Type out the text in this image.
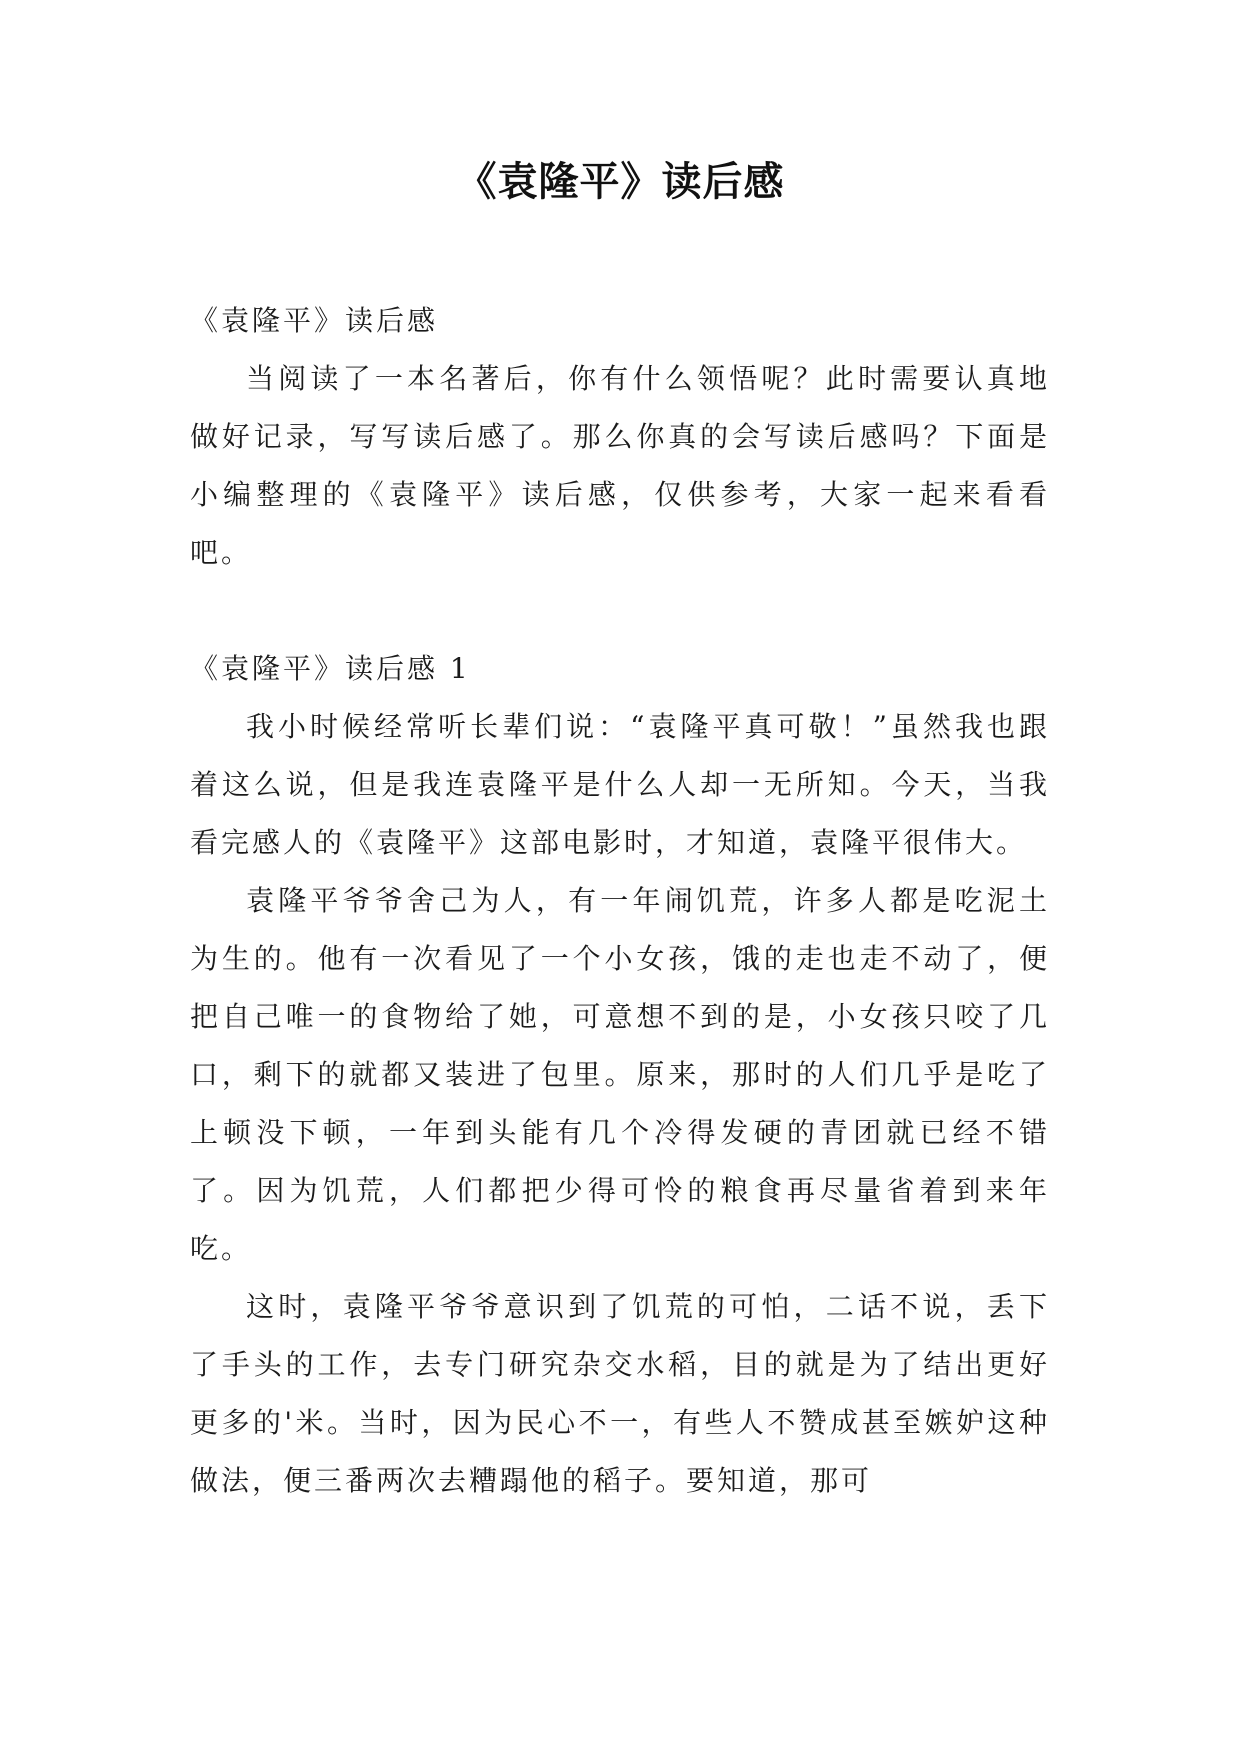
《袁隆平》读后感

《袁隆平》读后感

当阅读了一本名著后，你有什么领悟呢？此时需要认真地做好记录，写写读后感了。那么你真的会写读后感吗？下面是小编整理的《袁隆平》读后感，仅供参考，大家一起来看看吧。

《袁隆平》读后感 1

我小时候经常听长辈们说：“袁隆平真可敬！”虽然我也跟着这么说，但是我连袁隆平是什么人却一无所知。今天，当我看完感人的《袁隆平》这部电影时，才知道，袁隆平很伟大。

袁隆平爷爷舍己为人，有一年闹饥荒，许多人都是吃泥土为生的。他有一次看见了一个小女孩，饿的走也走不动了，便把自己唯一的食物给了她，可意想不到的是，小女孩只咬了几口，剩下的就都又装进了包里。原来，那时的人们几乎是吃了上顿没下顿，一年到头能有几个冷得发硬的青团就已经不错了。因为饥荒，人们都把少得可怜的粮食再尽量省着到来年吃。

这时，袁隆平爷爷意识到了饥荒的可怕，二话不说，丢下了手头的工作，去专门研究杂交水稻，目的就是为了结出更好更多的'米。当时，因为民心不一，有些人不赞成甚至嫉妒这种做法，便三番两次去糟蹋他的稻子。要知道，那可
